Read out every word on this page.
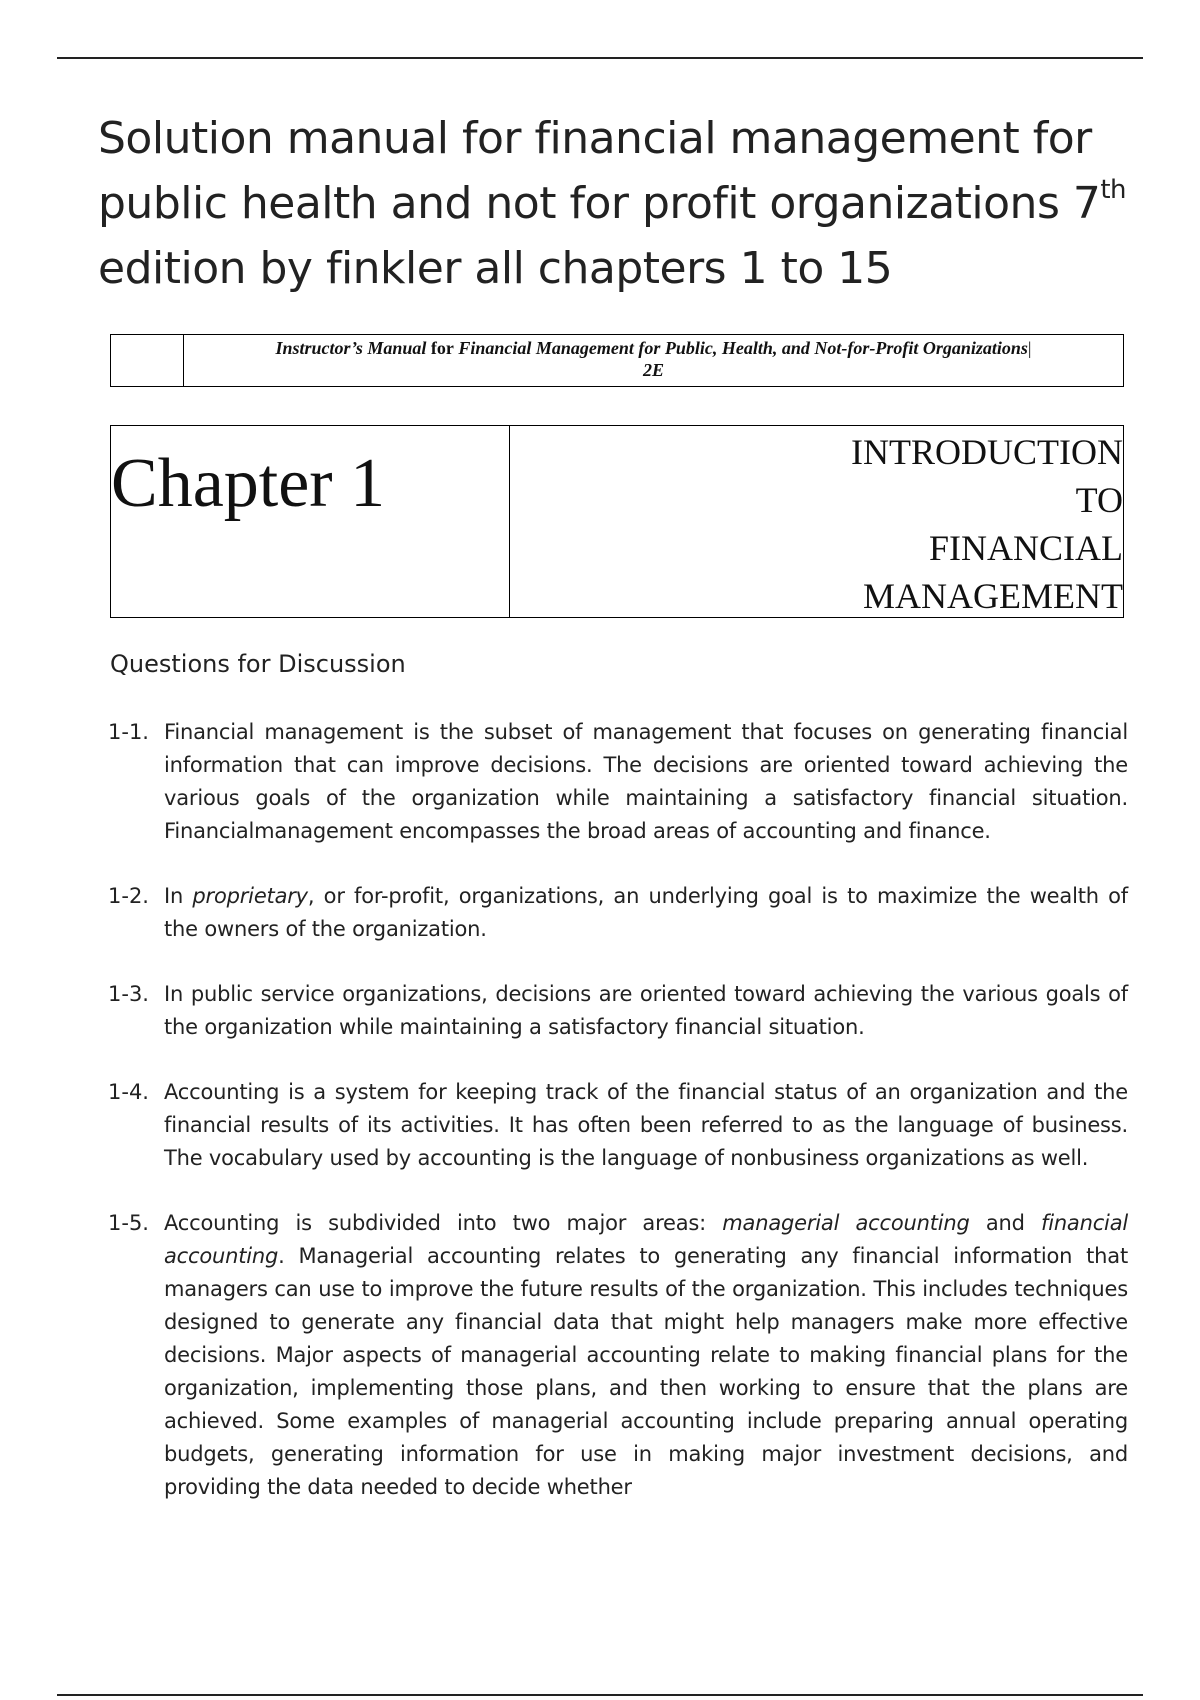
Solution manual for financial management for
public health and not for profit organizations 7th
edition by finkler all chapters 1 to 15
Instructor’s Manual for Financial Management for Public, Health, and Not-for-Profit Organizations|
2E
Chapter 1	INTRODUCTION
TO
FINANCIAL
MANAGEMENT
Questions for Discussion
1-1. Financial management is the subset of management that focuses on generating financial information that can improve decisions. The decisions are oriented toward achieving the various goals of the organization while maintaining a satisfactory financial situation. Financialmanagement encompasses the broad areas of accounting and finance.
1-2. In proprietary, or for-profit, organizations, an underlying goal is to maximize the wealth of the owners of the organization.
1-3. In public service organizations, decisions are oriented toward achieving the various goals of the organization while maintaining a satisfactory financial situation.
1-4. Accounting is a system for keeping track of the financial status of an organization and the financial results of its activities. It has often been referred to as the language of business. The vocabulary used by accounting is the language of nonbusiness organizations as well.
1-5. Accounting is subdivided into two major areas: managerial accounting and financial accounting. Managerial accounting relates to generating any financial information that managers can use to improve the future results of the organization. This includes techniques designed to generate any financial data that might help managers make more effective decisions. Major aspects of managerial accounting relate to making financial plans for the organization, implementing those plans, and then working to ensure that the plans are achieved. Some examples of managerial accounting include preparing annual operating budgets, generating information for use in making major investment decisions, and providing the data needed to decide whether
